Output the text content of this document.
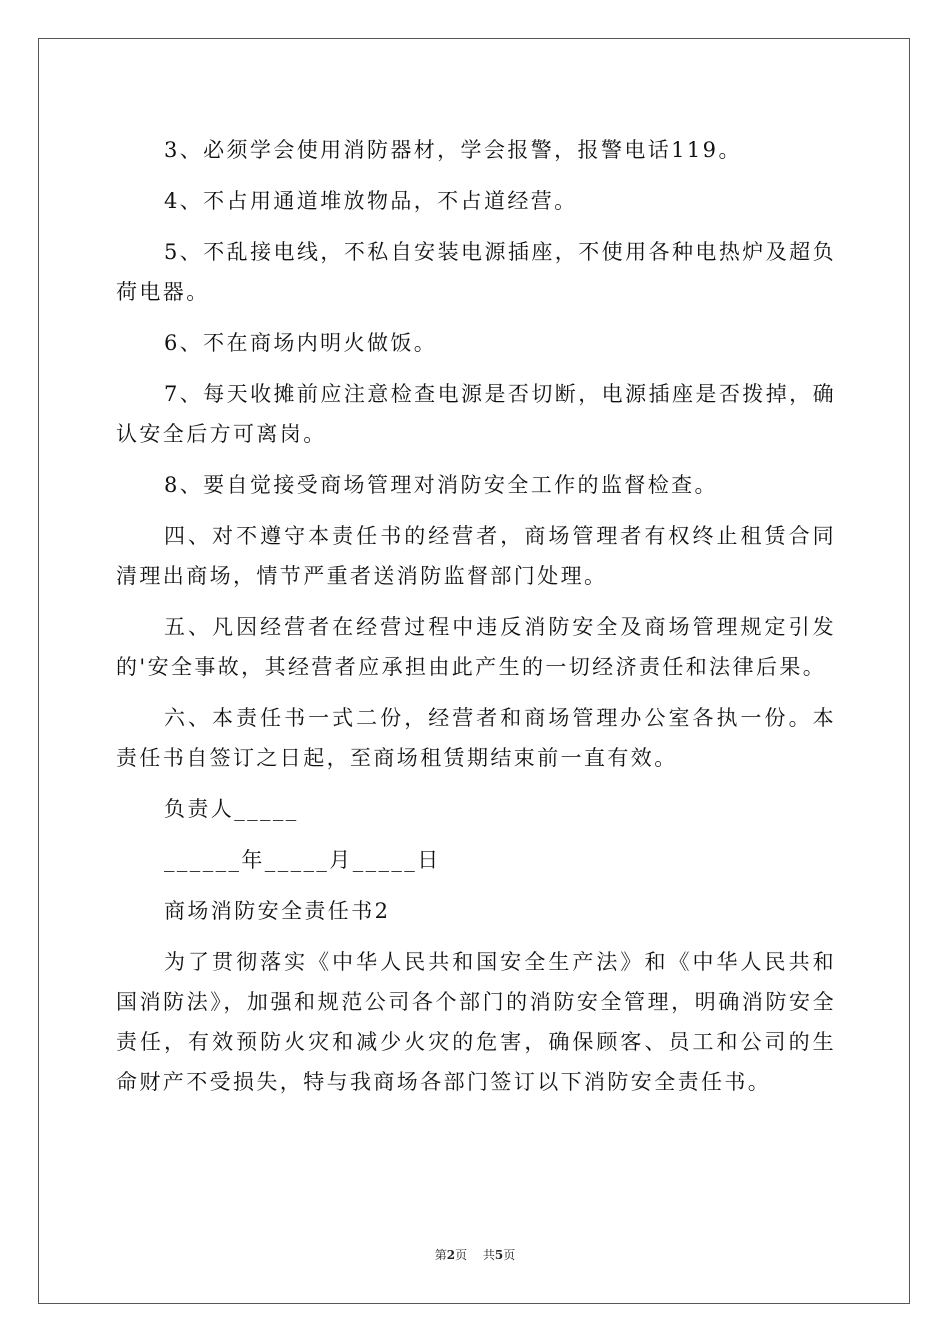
3、必须学会使用消防器材，学会报警，报警电话119。

4、不占用通道堆放物品，不占道经营。

5、不乱接电线，不私自安装电源插座，不使用各种电热炉及超负荷电器。

6、不在商场内明火做饭。

7、每天收摊前应注意检查电源是否切断，电源插座是否拨掉，确认安全后方可离岗。

8、要自觉接受商场管理对消防安全工作的监督检查。

四、对不遵守本责任书的经营者，商场管理者有权终止租赁合同清理出商场，情节严重者送消防监督部门处理。

五、凡因经营者在经营过程中违反消防安全及商场管理规定引发的'安全事故，其经营者应承担由此产生的一切经济责任和法律后果。

六、本责任书一式二份，经营者和商场管理办公室各执一份。本责任书自签订之日起，至商场租赁期结束前一直有效。

负责人_____

______年_____月_____日

商场消防安全责任书2

为了贯彻落实《中华人民共和国安全生产法》和《中华人民共和国消防法》，加强和规范公司各个部门的消防安全管理，明确消防安全责任，有效预防火灾和减少火灾的危害，确保顾客、员工和公司的生命财产不受损失，特与我商场各部门签订以下消防安全责任书。

第2页 共5页
